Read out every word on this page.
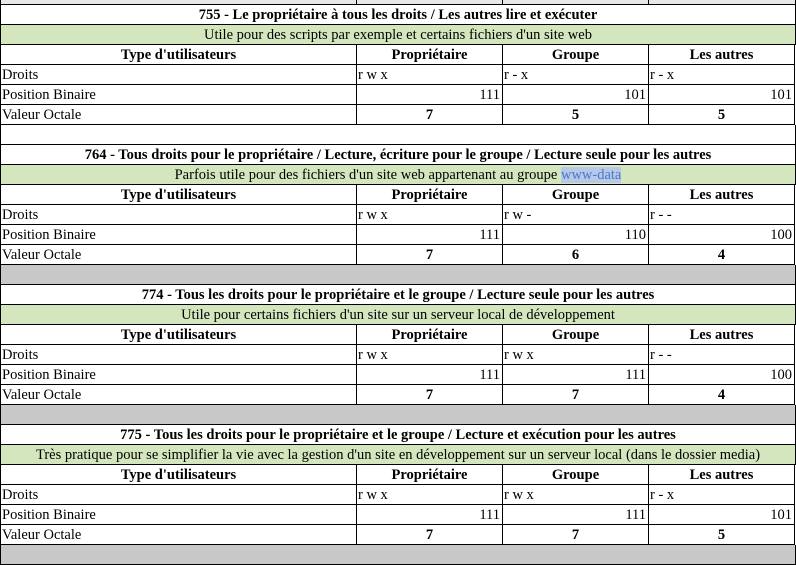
755 - Le propriétaire à tous les droits / Les autres lire et exécuter
Utile pour des scripts par exemple et certains fichiers d'un site web
Type d'utilisateurs	Propriétaire	Groupe	Les autres
Droits	r w x	r - x	r - x
Position Binaire	111	101	101
Valeur Octale	7	5	5
764 - Tous droits pour le propriétaire / Lecture, écriture pour le groupe / Lecture seule pour les autres
Parfois utile pour des fichiers d'un site web appartenant au groupe www-data
Type d'utilisateurs	Propriétaire	Groupe	Les autres
Droits	r w x	r w -	r - -
Position Binaire	111	110	100
Valeur Octale	7	6	4
774 - Tous les droits pour le propriétaire et le groupe / Lecture seule pour les autres
Utile pour certains fichiers d'un site sur un serveur local de développement
Type d'utilisateurs	Propriétaire	Groupe	Les autres
Droits	r w x	r w x	r - -
Position Binaire	111	111	100
Valeur Octale	7	7	4
775 - Tous les droits pour le propriétaire et le groupe / Lecture et exécution pour les autres
Très pratique pour se simplifier la vie avec la gestion d'un site en développement sur un serveur local (dans le dossier media)
Type d'utilisateurs	Propriétaire	Groupe	Les autres
Droits	r w x	r w x	r - x
Position Binaire	111	111	101
Valeur Octale	7	7	5
